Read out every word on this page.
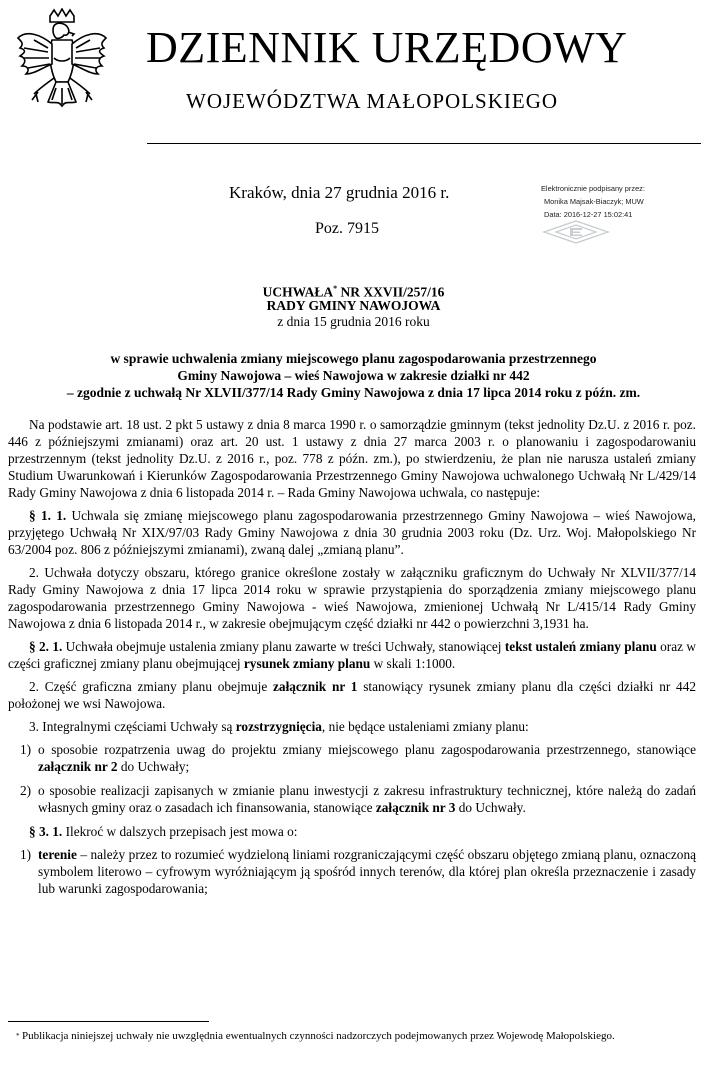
DZIENNIK URZĘDOWY
WOJEWÓDZTWA MAŁOPOLSKIEGO
Kraków, dnia 27 grudnia 2016 r.
Poz. 7915
Elektronicznie podpisany przez:
Monika Majsak-Biaczyk; MUW
Data: 2016-12-27 15:02:41
UCHWAŁA* NR XXVII/257/16
RADY GMINY NAWOJOWA
z dnia 15 grudnia 2016 roku
w sprawie uchwalenia zmiany miejscowego planu zagospodarowania przestrzennego
Gminy Nawojowa – wieś Nawojowa w zakresie działki nr 442
– zgodnie z uchwałą Nr XLVII/377/14 Rady Gminy Nawojowa z dnia 17 lipca 2014 roku z późn. zm.

Na podstawie art. 18 ust. 2 pkt 5 ustawy z dnia 8 marca 1990 r. o samorządzie gminnym (tekst jednolity Dz.U. z 2016 r. poz. 446 z późniejszymi zmianami) oraz art. 20 ust. 1 ustawy z dnia 27 marca 2003 r. o planowaniu i zagospodarowaniu przestrzennym (tekst jednolity Dz.U. z 2016 r., poz. 778 z późn. zm.), po stwierdzeniu, że plan nie narusza ustaleń zmiany Studium Uwarunkowań i Kierunków Zagospodarowania Przestrzennego Gminy Nawojowa uchwalonego Uchwałą Nr L/429/14 Rady Gminy Nawojowa z dnia 6 listopada 2014 r. – Rada Gminy Nawojowa uchwala, co następuje:

§ 1. 1. Uchwala się zmianę miejscowego planu zagospodarowania przestrzennego Gminy Nawojowa – wieś Nawojowa, przyjętego Uchwałą Nr XIX/97/03 Rady Gminy Nawojowa z dnia 30 grudnia 2003 roku (Dz. Urz. Woj. Małopolskiego Nr 63/2004 poz. 806 z późniejszymi zmianami), zwaną dalej „zmianą planu”.

2. Uchwała dotyczy obszaru, którego granice określone zostały w załączniku graficznym do Uchwały Nr XLVII/377/14 Rady Gminy Nawojowa z dnia 17 lipca 2014 roku w sprawie przystąpienia do sporządzenia zmiany miejscowego planu zagospodarowania przestrzennego Gminy Nawojowa - wieś Nawojowa, zmienionej Uchwałą Nr L/415/14 Rady Gminy Nawojowa z dnia 6 listopada 2014 r., w zakresie obejmującym część działki nr 442 o powierzchni 3,1931 ha.

§ 2. 1. Uchwała obejmuje ustalenia zmiany planu zawarte w treści Uchwały, stanowiącej tekst ustaleń zmiany planu oraz w części graficznej zmiany planu obejmującej rysunek zmiany planu w skali 1:1000.

2. Część graficzna zmiany planu obejmuje załącznik nr 1 stanowiący rysunek zmiany planu dla części działki nr 442 położonej we wsi Nawojowa.

3. Integralnymi częściami Uchwały są rozstrzygnięcia, nie będące ustaleniami zmiany planu:

1) o sposobie rozpatrzenia uwag do projektu zmiany miejscowego planu zagospodarowania przestrzennego, stanowiące załącznik nr 2 do Uchwały;

2) o sposobie realizacji zapisanych w zmianie planu inwestycji z zakresu infrastruktury technicznej, które należą do zadań własnych gminy oraz o zasadach ich finansowania, stanowiące załącznik nr 3 do Uchwały.

§ 3. 1. Ilekroć w dalszych przepisach jest mowa o:

1) terenie – należy przez to rozumieć wydzieloną liniami rozgraniczającymi część obszaru objętego zmianą planu, oznaczoną symbolem literowo – cyfrowym wyróżniającym ją spośród innych terenów, dla której plan określa przeznaczenie i zasady lub warunki zagospodarowania;

* Publikacja niniejszej uchwały nie uwzględnia ewentualnych czynności nadzorczych podejmowanych przez Wojewodę Małopolskiego.
